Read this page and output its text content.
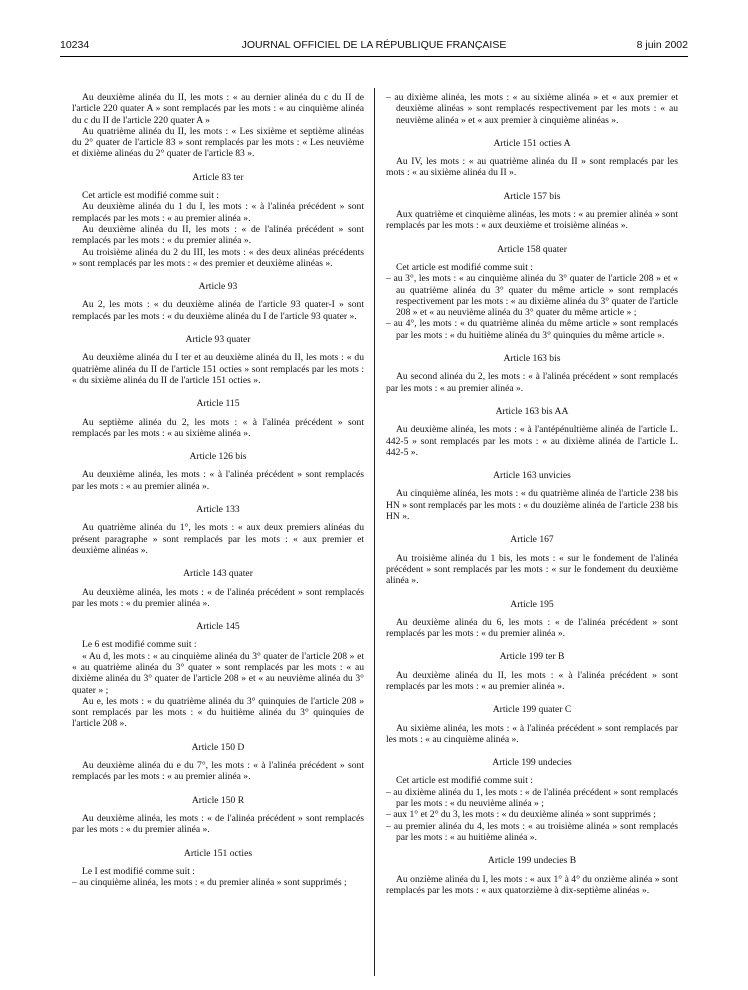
10234	JOURNAL OFFICIEL DE LA RÉPUBLIQUE FRANÇAISE	8 juin 2002
Au deuxième alinéa du II, les mots : « au dernier alinéa du c du II de l'article 220 quater A » sont remplacés par les mots : « au cinquième alinéa du c du II de l'article 220 quater A »
Au quatrième alinéa du II, les mots : « Les sixième et septième alinéas du 2° quater de l'article 83 » sont remplacés par les mots : « Les neuvième et dixième alinéas du 2° quater de l'article 83 ».
Article 83 ter
Cet article est modifié comme suit :
Au deuxième alinéa du 1 du I, les mots : « à l'alinéa précédent » sont remplacés par les mots : « au premier alinéa ».
Au deuxième alinéa du II, les mots : « de l'alinéa précédent » sont remplacés par les mots : « du premier alinéa ».
Au troisième alinéa du 2 du III, les mots : « des deux alinéas précédents » sont remplacés par les mots : « des premier et deuxième alinéas ».
Article 93
Au 2, les mots : « du deuxième alinéa de l'article 93 quater-I » sont remplacés par les mots : « du deuxième alinéa du I de l'article 93 quater ».
Article 93 quater
Au deuxième alinéa du I ter et au deuxième alinéa du II, les mots : « du quatrième alinéa du II de l'article 151 octies » sont remplacés par les mots : « du sixième alinéa du II de l'article 151 octies ».
Article 115
Au septième alinéa du 2, les mots : « à l'alinéa précédent » sont remplacés par les mots : « au sixième alinéa ».
Article 126 bis
Au deuxième alinéa, les mots : « à l'alinéa précédent » sont remplacés par les mots : « au premier alinéa ».
Article 133
Au quatrième alinéa du 1°, les mots : « aux deux premiers alinéas du présent paragraphe » sont remplacés par les mots : « aux premier et deuxième alinéas ».
Article 143 quater
Au deuxième alinéa, les mots : « de l'alinéa précédent » sont remplacés par les mots : « du premier alinéa ».
Article 145
Le 6 est modifié comme suit :
« Au d, les mots : « au cinquième alinéa du 3° quater de l'article 208 » et « au quatrième alinéa du 3° quater » sont remplacés par les mots : « au dixième alinéa du 3° quater de l'article 208 » et « au neuvième alinéa du 3° quater » ;
Au e, les mots : « du quatrième alinéa du 3° quinquies de l'article 208 » sont remplacés par les mots : « du huitième alinéa du 3° quinquies de l'article 208 ».
Article 150 D
Au deuxième alinéa du e du 7°, les mots : « à l'alinéa précédent » sont remplacés par les mots : « au premier alinéa ».
Article 150 R
Au deuxième alinéa, les mots : « de l'alinéa précédent » sont remplacés par les mots : « du premier alinéa ».
Article 151 octies
Le I est modifié comme suit :
– au cinquième alinéa, les mots : « du premier alinéa » sont supprimés ;
– au dixième alinéa, les mots : « au sixième alinéa » et « aux premier et deuxième alinéas » sont remplacés respectivement par les mots : « au neuvième alinéa » et « aux premier à cinquième alinéas ».
Article 151 octies A
Au IV, les mots : « au quatrième alinéa du II » sont remplacés par les mots : « au sixième alinéa du II ».
Article 157 bis
Aux quatrième et cinquième alinéas, les mots : « au premier alinéa » sont remplacés par les mots : « aux deuxième et troisième alinéas ».
Article 158 quater
Cet article est modifié comme suit :
– au 3°, les mots : « au cinquième alinéa du 3° quater de l'article 208 » et « au quatrième alinéa du 3° quater du même article » sont remplacés respectivement par les mots : « au dixième alinéa du 3° quater de l'article 208 » et « au neuvième alinéa du 3° quater du même article » ;
– au 4°, les mots : « du quatrième alinéa du même article » sont remplacés par les mots : « du huitième alinéa du 3° quinquies du même article ».
Article 163 bis
Au second alinéa du 2, les mots : « à l'alinéa précédent » sont remplacés par les mots : « au premier alinéa ».
Article 163 bis AA
Au deuxième alinéa, les mots : « à l'antépénultième alinéa de l'article L. 442-5 » sont remplacés par les mots : « au dixième alinéa de l'article L. 442-5 ».
Article 163 unvicies
Au cinquième alinéa, les mots : « du quatrième alinéa de l'article 238 bis HN » sont remplacés par les mots : « du douzième alinéa de l'article 238 bis HN ».
Article 167
Au troisième alinéa du 1 bis, les mots : « sur le fondement de l'alinéa précédent » sont remplacés par les mots : « sur le fondement du deuxième alinéa ».
Article 195
Au deuxième alinéa du 6, les mots : « de l'alinéa précédent » sont remplacés par les mots : « du premier alinéa ».
Article 199 ter B
Au deuxième alinéa du II, les mots : « à l'alinéa précédent » sont remplacés par les mots : « au premier alinéa ».
Article 199 quater C
Au sixième alinéa, les mots : « à l'alinéa précédent » sont remplacés par les mots : « au cinquième alinéa ».
Article 199 undecies
Cet article est modifié comme suit :
– au dixième alinéa du 1, les mots : « de l'alinéa précédent » sont remplacés par les mots : « du neuvième alinéa » ;
– aux 1° et 2° du 3, les mots : « du deuxième alinéa » sont supprimés ;
– au premier alinéa du 4, les mots : « au troisième alinéa » sont remplacés par les mots : « au huitième alinéa ».
Article 199 undecies B
Au onzième alinéa du I, les mots : « aux 1° à 4° du onzième alinéa » sont remplacés par les mots : « aux quatorzième à dix-septième alinéas ».
